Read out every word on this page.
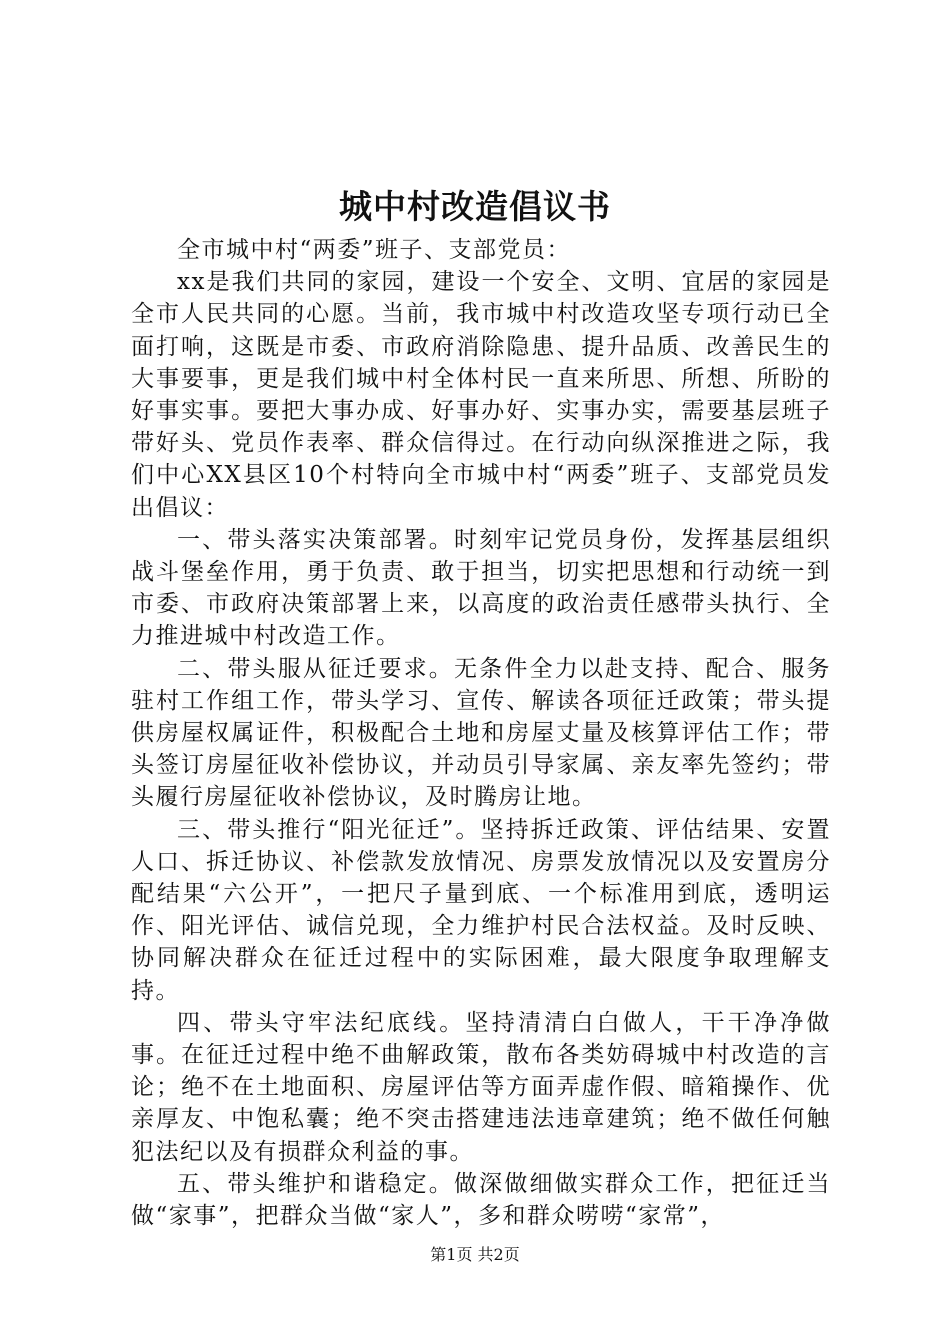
城中村改造倡议书

全市城中村“两委”班子、支部党员：

xx是我们共同的家园，建设一个安全、文明、宜居的家园是全市人民共同的心愿。当前，我市城中村改造攻坚专项行动已全面打响，这既是市委、市政府消除隐患、提升品质、改善民生的大事要事，更是我们城中村全体村民一直来所思、所想、所盼的好事实事。要把大事办成、好事办好、实事办实，需要基层班子带好头、党员作表率、群众信得过。在行动向纵深推进之际，我们中心XX县区10个村特向全市城中村“两委”班子、支部党员发出倡议：

一、带头落实决策部署。时刻牢记党员身份，发挥基层组织战斗堡垒作用，勇于负责、敢于担当，切实把思想和行动统一到市委、市政府决策部署上来，以高度的政治责任感带头执行、全力推进城中村改造工作。

二、带头服从征迁要求。无条件全力以赴支持、配合、服务驻村工作组工作，带头学习、宣传、解读各项征迁政策；带头提供房屋权属证件，积极配合土地和房屋丈量及核算评估工作；带头签订房屋征收补偿协议，并动员引导家属、亲友率先签约；带头履行房屋征收补偿协议，及时腾房让地。

三、带头推行“阳光征迁”。坚持拆迁政策、评估结果、安置人口、拆迁协议、补偿款发放情况、房票发放情况以及安置房分配结果“六公开”，一把尺子量到底、一个标准用到底，透明运作、阳光评估、诚信兑现，全力维护村民合法权益。及时反映、协同解决群众在征迁过程中的实际困难，最大限度争取理解支持。

四、带头守牢法纪底线。坚持清清白白做人，干干净净做事。在征迁过程中绝不曲解政策，散布各类妨碍城中村改造的言论；绝不在土地面积、房屋评估等方面弄虚作假、暗箱操作、优亲厚友、中饱私囊；绝不突击搭建违法违章建筑；绝不做任何触犯法纪以及有损群众利益的事。

五、带头维护和谐稳定。做深做细做实群众工作，把征迁当做“家事”，把群众当做“家人”，多和群众唠唠“家常”，

第1页 共2页
